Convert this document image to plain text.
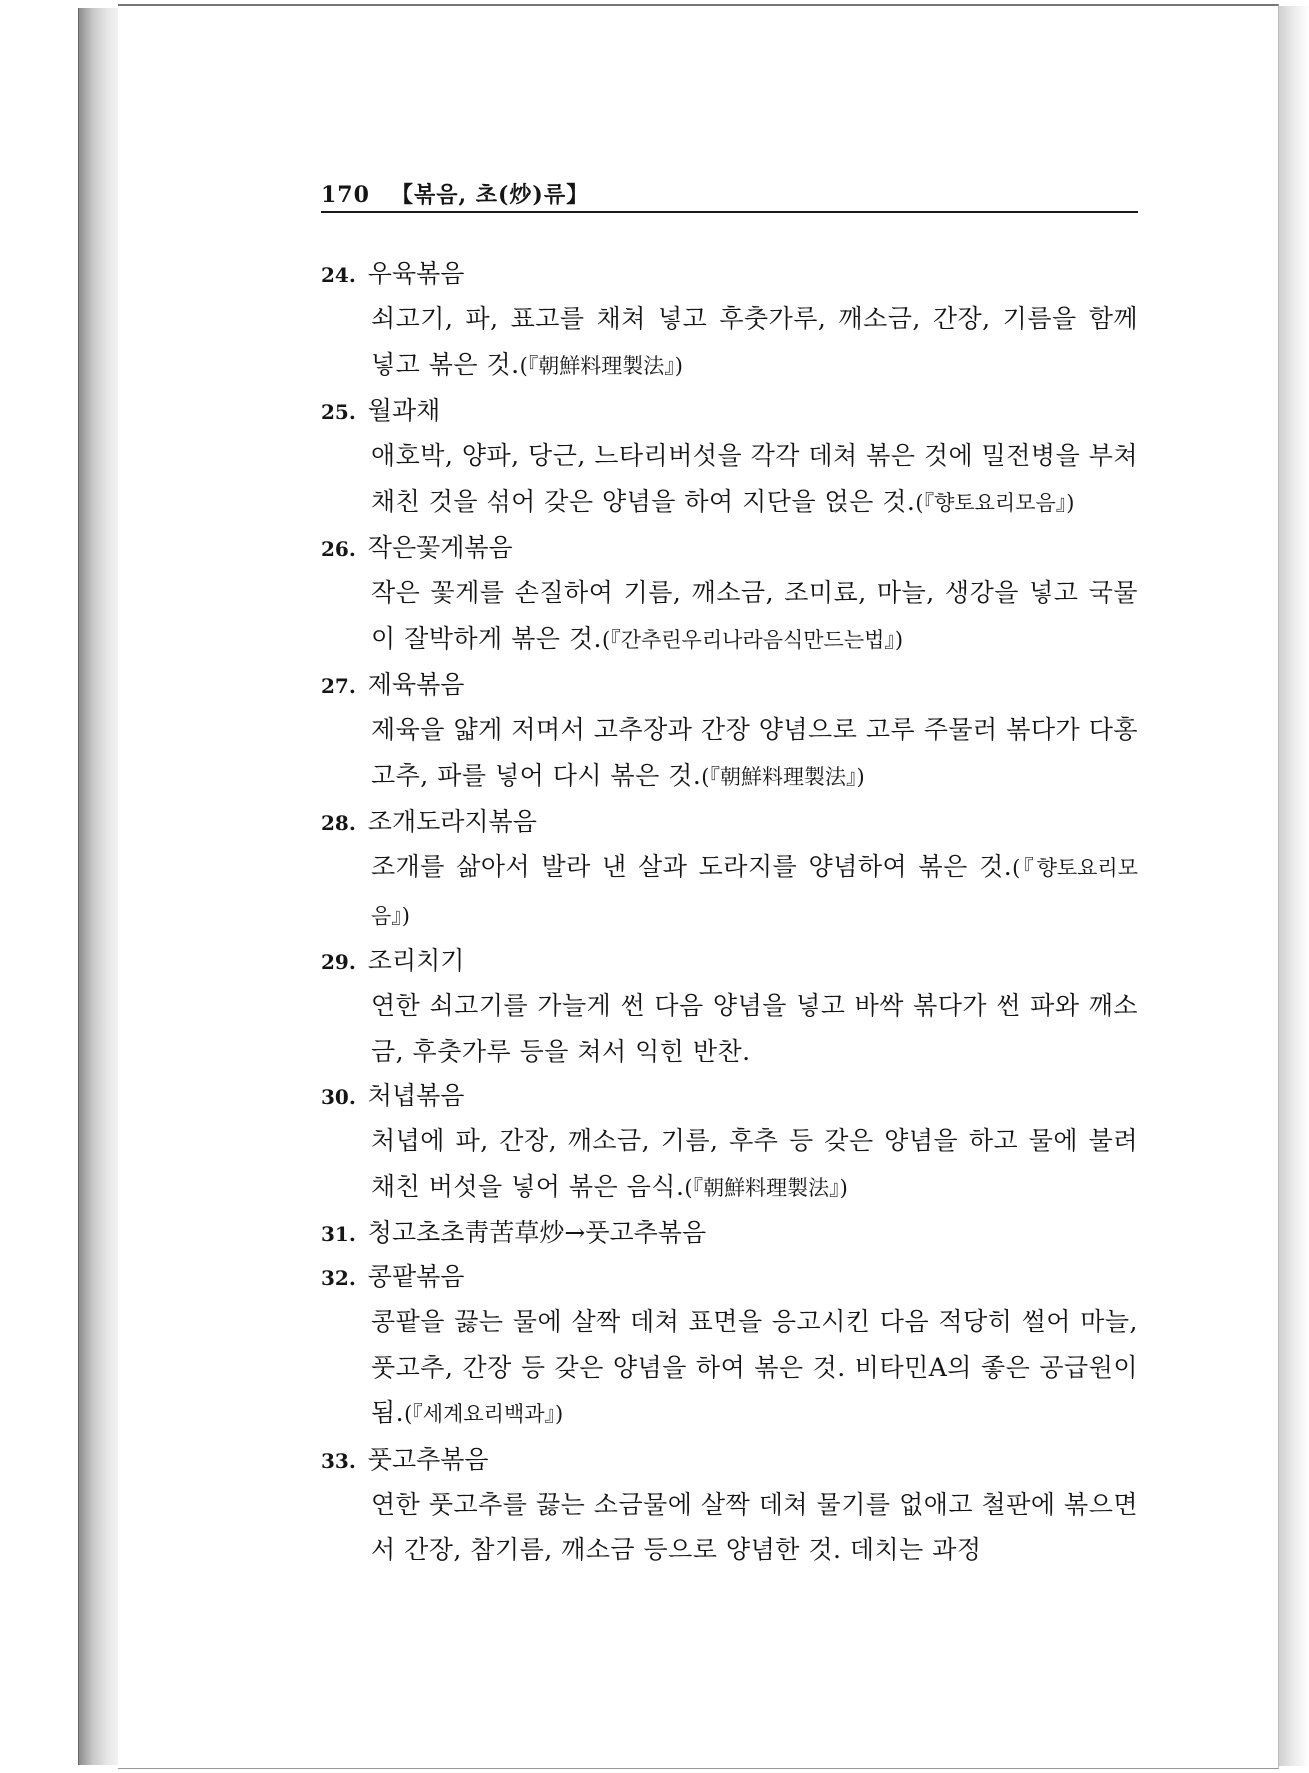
170 【볶음, 초(炒)류】
24. 우육볶음
쇠고기, 파, 표고를 채쳐 넣고 후춧가루, 깨소금, 간장, 기름을 함께 넣고 볶은 것.(『朝鮮料理製法』)
25. 월과채
애호박, 양파, 당근, 느타리버섯을 각각 데쳐 볶은 것에 밀전병을 부쳐 채친 것을 섞어 갖은 양념을 하여 지단을 얹은 것.(『향토요리모음』)
26. 작은꽃게볶음
작은 꽃게를 손질하여 기름, 깨소금, 조미료, 마늘, 생강을 넣고 국물이 잘박하게 볶은 것.(『간추린우리나라음식만드는법』)
27. 제육볶음
제육을 얇게 저며서 고추장과 간장 양념으로 고루 주물러 볶다가 다홍고추, 파를 넣어 다시 볶은 것.(『朝鮮料理製法』)
28. 조개도라지볶음
조개를 삶아서 발라 낸 살과 도라지를 양념하여 볶은 것.(『향토요리모음』)
29. 조리치기
연한 쇠고기를 가늘게 썬 다음 양념을 넣고 바싹 볶다가 썬 파와 깨소금, 후춧가루 등을 쳐서 익힌 반찬.
30. 처녑볶음
처녑에 파, 간장, 깨소금, 기름, 후추 등 갖은 양념을 하고 물에 불려 채친 버섯을 넣어 볶은 음식.(『朝鮮料理製法』)
31. 청고초초靑苦草炒→풋고추볶음
32. 콩팥볶음
콩팥을 끓는 물에 살짝 데쳐 표면을 응고시킨 다음 적당히 썰어 마늘, 풋고추, 간장 등 갖은 양념을 하여 볶은 것. 비타민A의 좋은 공급원이 됨.(『세계요리백과』)
33. 풋고추볶음
연한 풋고추를 끓는 소금물에 살짝 데쳐 물기를 없애고 철판에 볶으면서 간장, 참기름, 깨소금 등으로 양념한 것. 데치는 과정
